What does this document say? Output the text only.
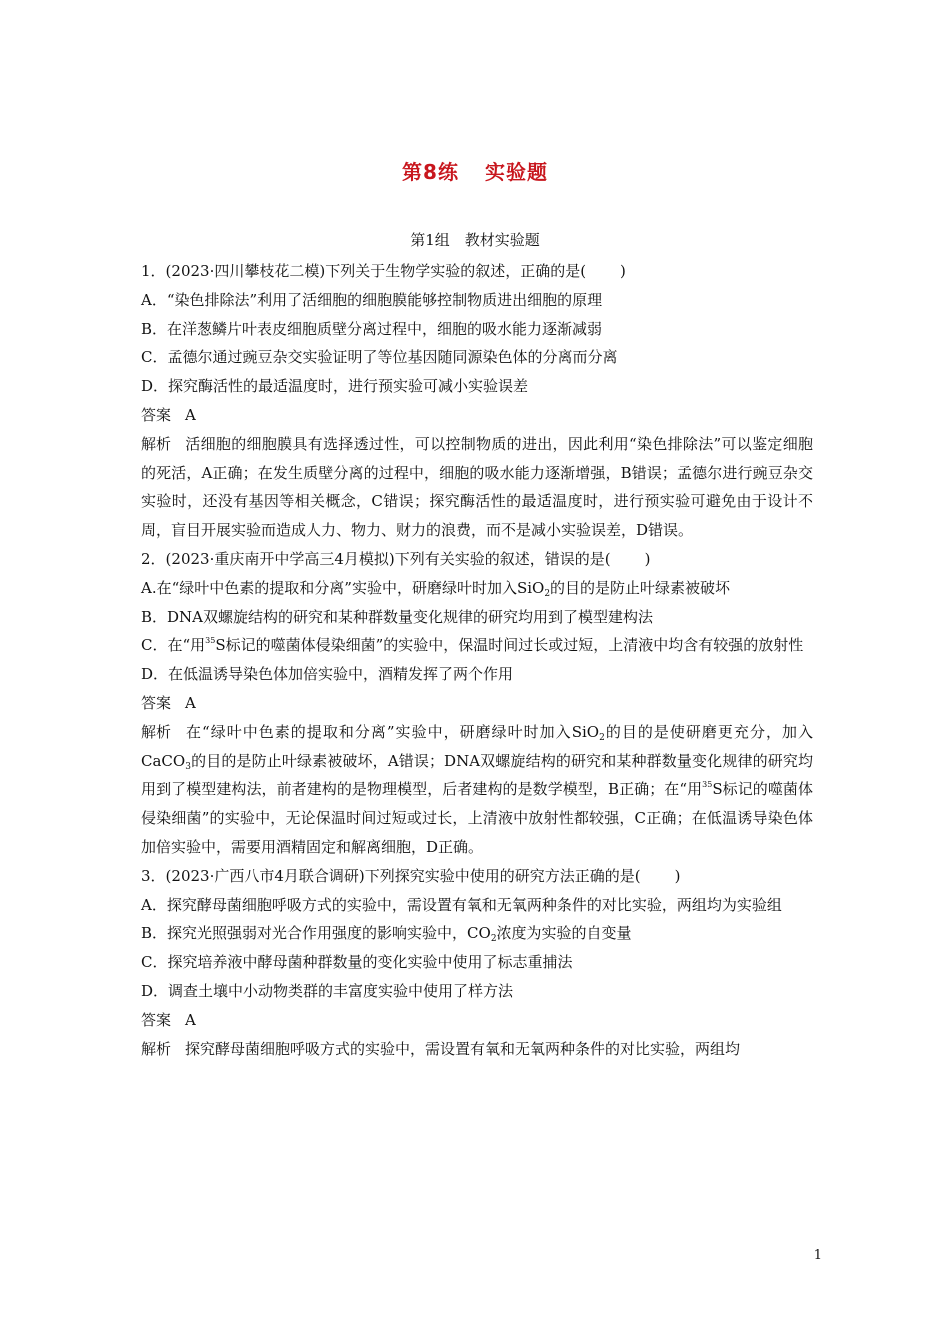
第8练 实验题
第1组　教材实验题
1．(2023·四川攀枝花二模)下列关于生物学实验的叙述，正确的是( )
A．“染色排除法”利用了活细胞的细胞膜能够控制物质进出细胞的原理
B．在洋葱鳞片叶表皮细胞质壁分离过程中，细胞的吸水能力逐渐减弱
C．孟德尔通过豌豆杂交实验证明了等位基因随同源染色体的分离而分离
D．探究酶活性的最适温度时，进行预实验可减小实验误差
答案 A
解析 活细胞的细胞膜具有选择透过性，可以控制物质的进出，因此利用“染色排除法”可以鉴定细胞的死活，A正确；在发生质壁分离的过程中，细胞的吸水能力逐渐增强，B错误；孟德尔进行豌豆杂交实验时，还没有基因等相关概念，C错误；探究酶活性的最适温度时，进行预实验可避免由于设计不周，盲目开展实验而造成人力、物力、财力的浪费，而不是减小实验误差，D错误。
2．(2023·重庆南开中学高三4月模拟)下列有关实验的叙述，错误的是( )
A.在“绿叶中色素的提取和分离”实验中，研磨绿叶时加入SiO$_2$的目的是防止叶绿素被破坏
B．DNA双螺旋结构的研究和某种群数量变化规律的研究均用到了模型建构法
C．在“用$^{35}$S标记的噬菌体侵染细菌”的实验中，保温时间过长或过短，上清液中均含有较强的放射性
D．在低温诱导染色体加倍实验中，酒精发挥了两个作用
答案 A
解析 在“绿叶中色素的提取和分离”实验中，研磨绿叶时加入SiO$_2$的目的是使研磨更充分，加入CaCO$_3$的目的是防止叶绿素被破坏，A错误；DNA双螺旋结构的研究和某种群数量变化规律的研究均用到了模型建构法，前者建构的是物理模型，后者建构的是数学模型，B正确；在“用$^{35}$S标记的噬菌体侵染细菌”的实验中，无论保温时间过短或过长，上清液中放射性都较强，C正确；在低温诱导染色体加倍实验中，需要用酒精固定和解离细胞，D正确。
3．(2023·广西八市4月联合调研)下列探究实验中使用的研究方法正确的是( )
A．探究酵母菌细胞呼吸方式的实验中，需设置有氧和无氧两种条件的对比实验，两组均为实验组
B．探究光照强弱对光合作用强度的影响实验中，$CO_2$浓度为实验的自变量
C．探究培养液中酵母菌种群数量的变化实验中使用了标志重捕法
D．调查土壤中小动物类群的丰富度实验中使用了样方法
答案 A
解析 探究酵母菌细胞呼吸方式的实验中，需设置有氧和无氧两种条件的对比实验，两组均
1
